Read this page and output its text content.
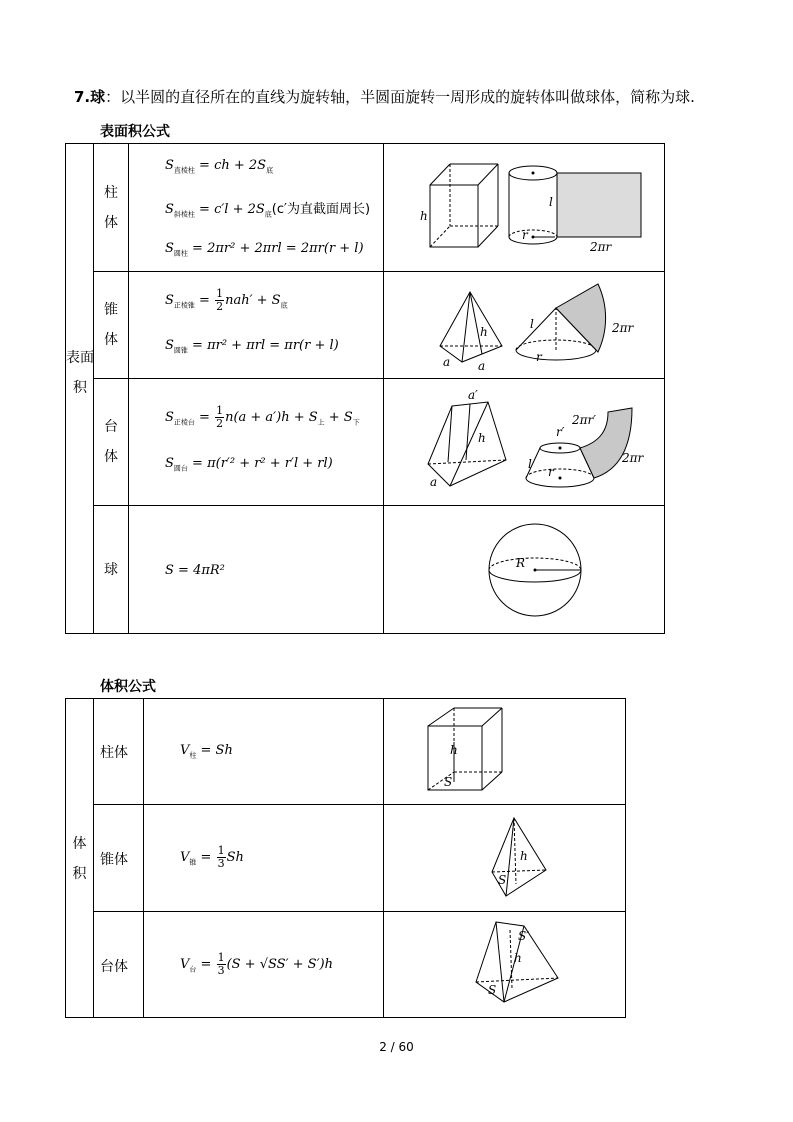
7.球：以半圆的直径所在的直线为旋转轴，半圆面旋转一周形成的旋转体叫做球体，简称为球.
表面积公式
表面积
柱体
锥体
台体
球
$S_{直棱柱}$ = ch + $2S_底$
$S_{斜棱柱} = c'l + 2S_底(c'$为直截面周长)
$S_{圆柱} = 2\pi r^2 + 2\pi rl = 2\pi r(r + l)$
$S_{正棱锥} = \frac{1}{2} nah' + S_底$
$S_{圆锥} = \pi r^2 + \pi rl = \pi r(r + l)$
$S_{正棱台} = \frac{1}{2} n(a + a')h + S_上 + S_下$
$S_{圆台} = \pi(r'^2 + r^2 + r'l + rl)$
S = 4πR²
h
l
r
2πr
h
a a
l
r
2πr
a′
h
a
r′
2πr′
l
r
2πr
R
体积公式
体积
柱体
锥体
台体
$V_柱 = Sh$
$V_锥 = \frac{1}{3}$ Sh
$V_台 = \frac{1}{3} (S + √SS' + S')h$
h
S
h
S
S′
h
S
2 / 60
